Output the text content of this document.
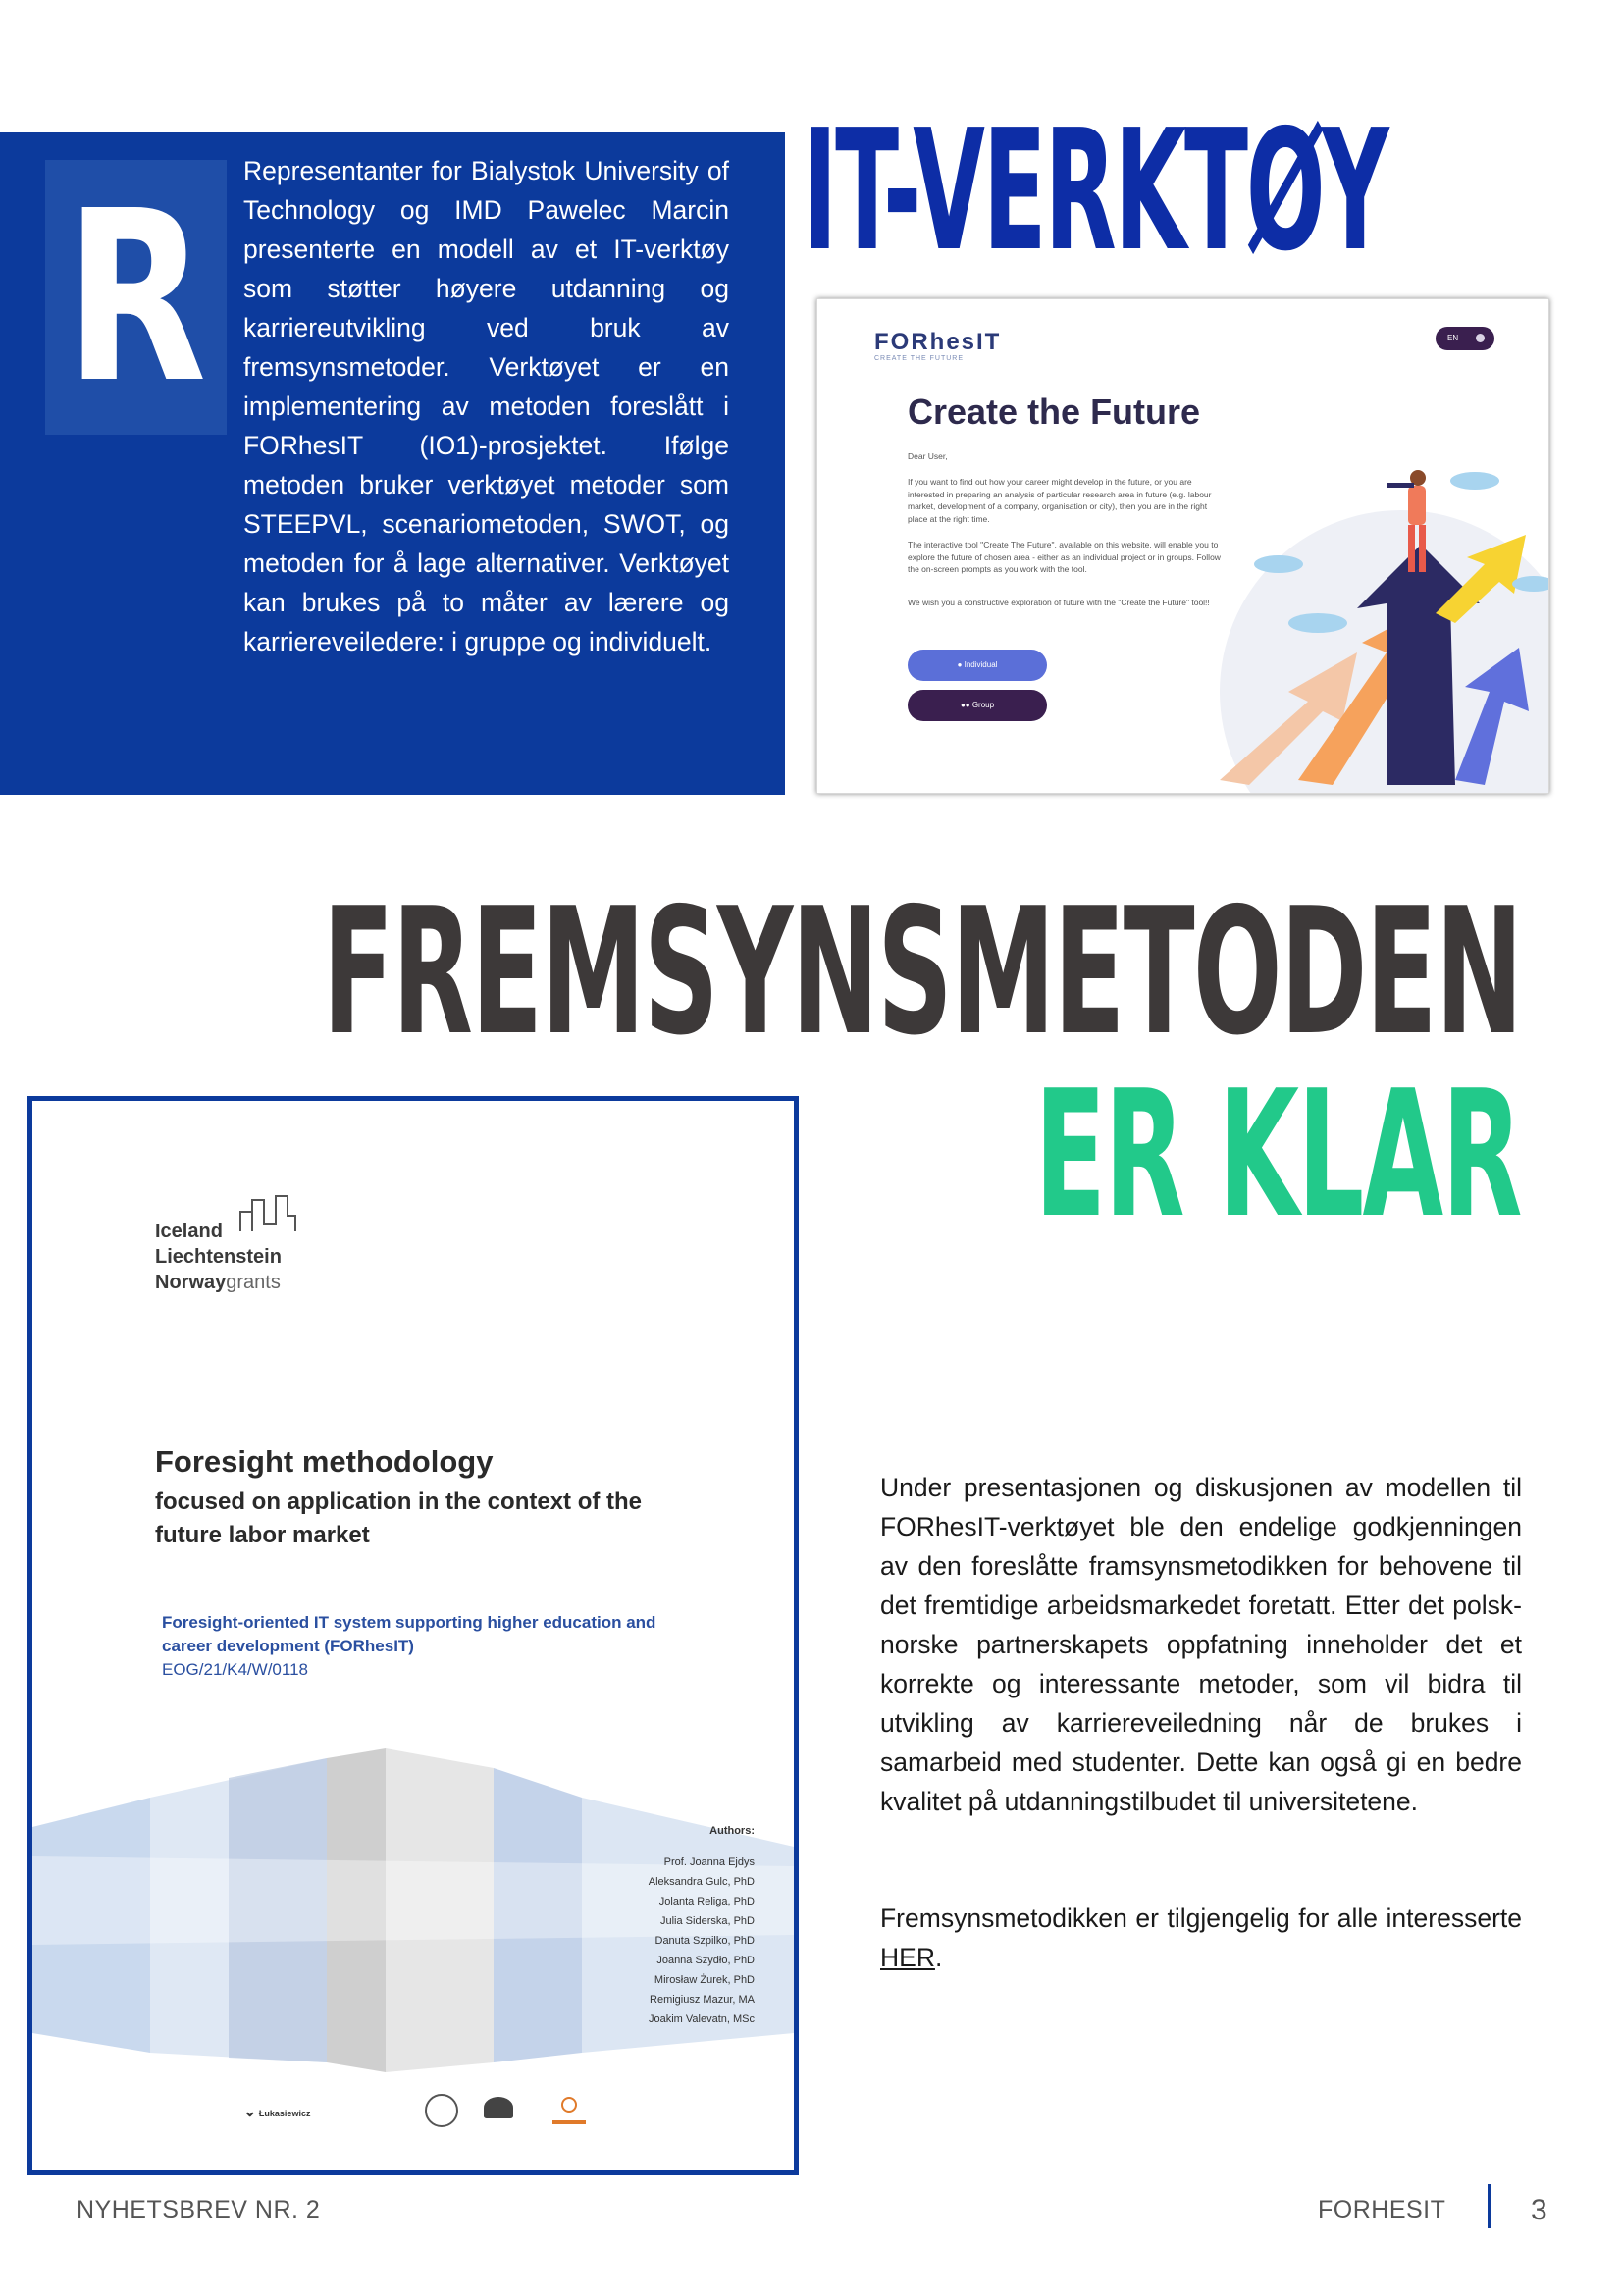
R Representanter for Bialystok University of Technology og IMD Pawelec Marcin presenterte en modell av et IT-verktøy som støtter høyere utdanning og karriereutvikling ved bruk av fremsynsmetoder. Verktøyet er en implementering av metoden foreslått i FORhesIT (IO1)-prosjektet. Ifølge metoden bruker verktøyet metoder som STEEPVL, scenariometoden, SWOT, og metoden for å lage alternativer. Verktøyet kan brukes på to måter av lærere og karriereveiledere: i gruppe og individuelt.
IT-VERKTØY
FORhesIT
CREATE THE FUTURE
EN
Create the Future
Dear User,
If you want to find out how your career might develop in the future, or you are interested in preparing an analysis of particular research area in future (e.g. labour market, development of a company, organisation or city), then you are in the right place at the right time.
The interactive tool "Create The Future", available on this website, will enable you to explore the future of chosen area - either as an individual project or in groups. Follow the on-screen prompts as you work with the tool.
We wish you a constructive exploration of future with the "Create the Future" tool!!
● Individual
●● Group
FREMSYNSMETODEN
ER KLAR
Iceland
Liechtenstein
Norwaygrants
Foresight methodology
focused on application in the context of the future labor market
Foresight-oriented IT system supporting higher education and career development (FORhesIT)
EOG/21/K4/W/0118
Authors:
Prof. Joanna Ejdys
Aleksandra Gulc, PhD
Jolanta Religa, PhD
Julia Siderska, PhD
Danuta Szpilko, PhD
Joanna Szydło, PhD
Mirosław Żurek, PhD
Remigiusz Mazur, MA
Joakim Valevatn, MSc
⌄ Łukasiewicz
Under presentasjonen og diskusjonen av modellen til FORhesIT-verktøyet ble den endelige godkjenningen av den foreslåtte framsynsmetodikken for behovene til det fremtidige arbeidsmarkedet foretatt. Etter det polsk-norske partnerskapets oppfatning inneholder det et korrekte og interessante metoder, som vil bidra til utvikling av karriereveiledning når de brukes i samarbeid med studenter. Dette kan også gi en bedre kvalitet på utdanningstilbudet til universitetene.
Fremsynsmetodikken er tilgjengelig for alle interesserte HER.
NYHETSBREV NR. 2	FORHESIT	3
